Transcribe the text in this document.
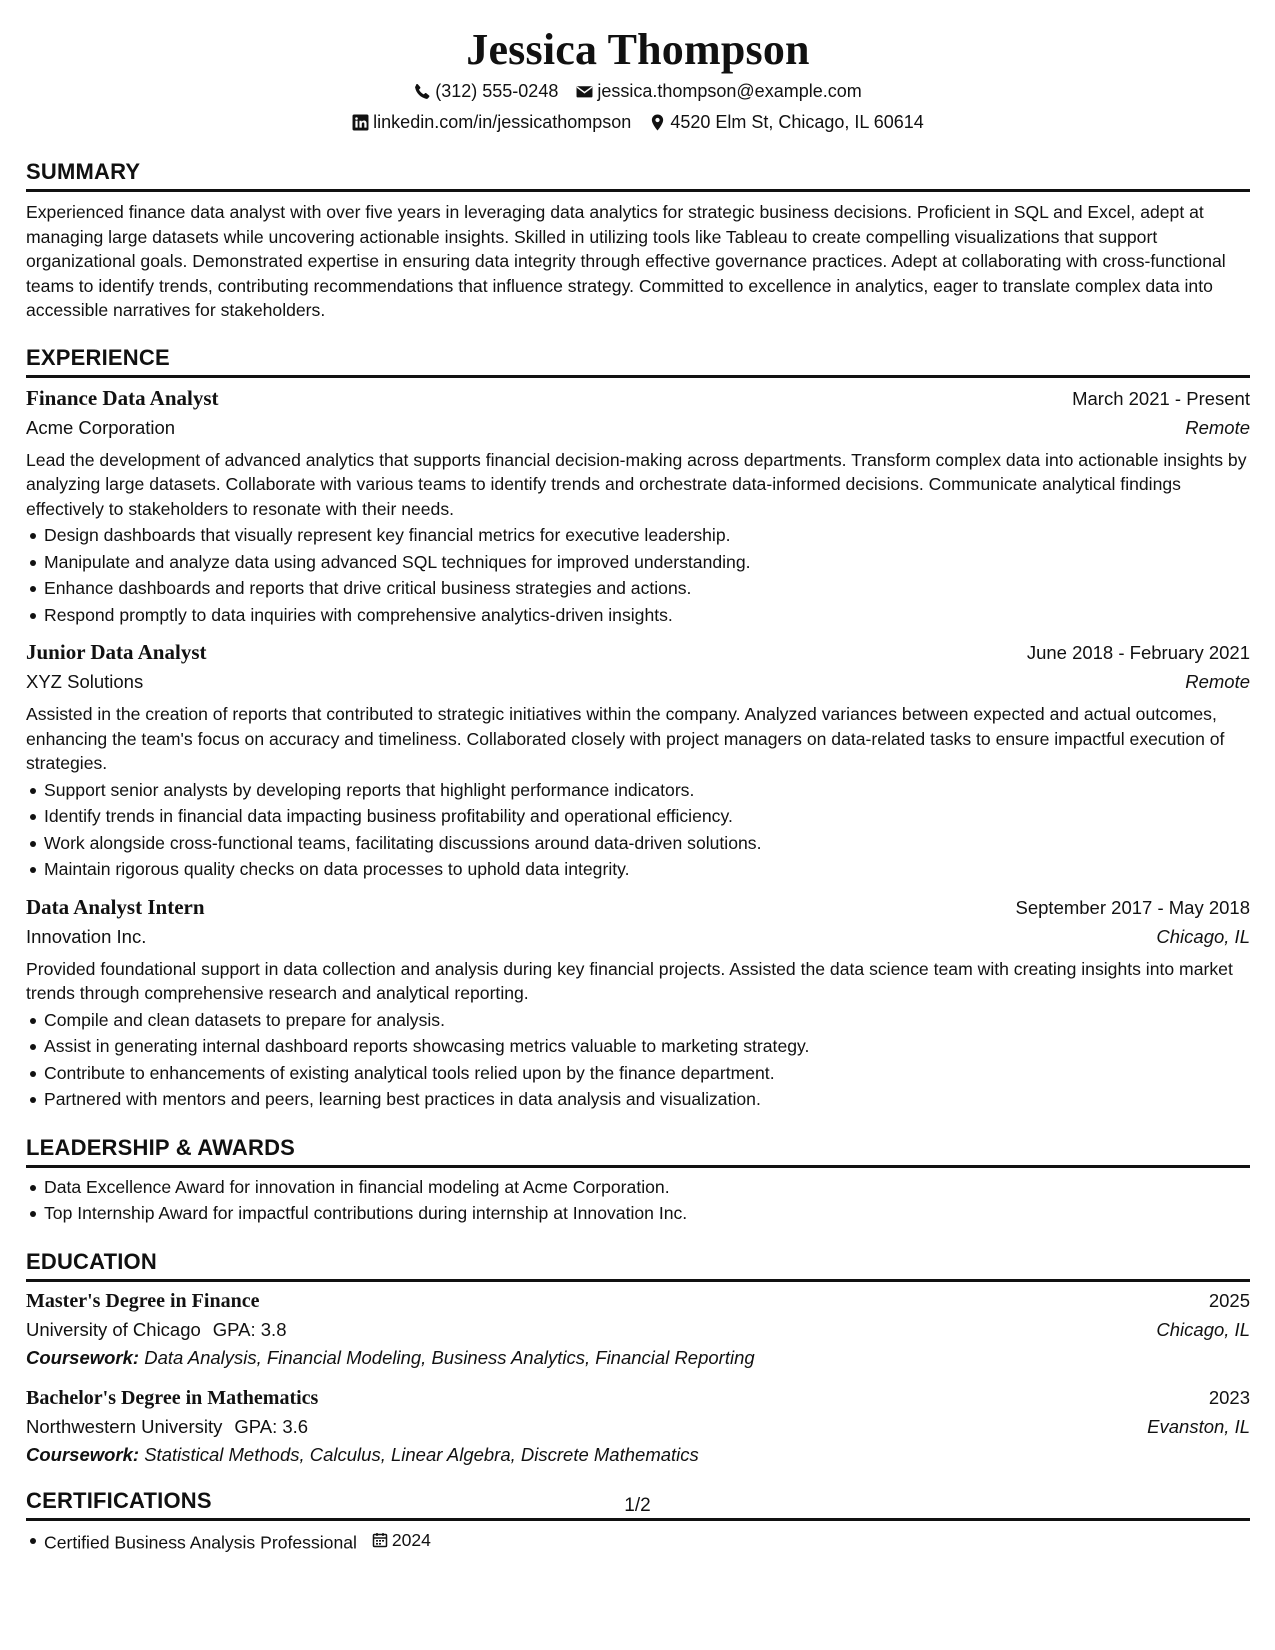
Jessica Thompson
(312) 555-0248 jessica.thompson@example.com
linkedin.com/in/jessicathompson 4520 Elm St, Chicago, IL 60614
SUMMARY

Experienced finance data analyst with over five years in leveraging data analytics for strategic business decisions. Proficient in SQL and Excel, adept at managing large datasets while uncovering actionable insights. Skilled in utilizing tools like Tableau to create compelling visualizations that support organizational goals. Demonstrated expertise in ensuring data integrity through effective governance practices. Adept at collaborating with cross-functional teams to identify trends, contributing recommendations that influence strategy. Committed to excellence in analytics, eager to translate complex data into accessible narratives for stakeholders.

EXPERIENCE
Finance Data Analyst	March 2021 - Present
Acme Corporation	Remote

Lead the development of advanced analytics that supports financial decision-making across departments. Transform complex data into actionable insights by analyzing large datasets. Collaborate with various teams to identify trends and orchestrate data-informed decisions. Communicate analytical findings effectively to stakeholders to resonate with their needs.

Design dashboards that visually represent key financial metrics for executive leadership.
Manipulate and analyze data using advanced SQL techniques for improved understanding.
Enhance dashboards and reports that drive critical business strategies and actions.
Respond promptly to data inquiries with comprehensive analytics-driven insights.
Junior Data Analyst	June 2018 - February 2021
XYZ Solutions	Remote

Assisted in the creation of reports that contributed to strategic initiatives within the company. Analyzed variances between expected and actual outcomes, enhancing the team's focus on accuracy and timeliness. Collaborated closely with project managers on data-related tasks to ensure impactful execution of strategies.

Support senior analysts by developing reports that highlight performance indicators.
Identify trends in financial data impacting business profitability and operational efficiency.
Work alongside cross-functional teams, facilitating discussions around data-driven solutions.
Maintain rigorous quality checks on data processes to uphold data integrity.
Data Analyst Intern	September 2017 - May 2018
Innovation Inc.	Chicago, IL

Provided foundational support in data collection and analysis during key financial projects. Assisted the data science team with creating insights into market trends through comprehensive research and analytical reporting.

Compile and clean datasets to prepare for analysis.
Assist in generating internal dashboard reports showcasing metrics valuable to marketing strategy.
Contribute to enhancements of existing analytical tools relied upon by the finance department.
Partnered with mentors and peers, learning best practices in data analysis and visualization.
LEADERSHIP & AWARDS
Data Excellence Award for innovation in financial modeling at Acme Corporation.
Top Internship Award for impactful contributions during internship at Innovation Inc.
EDUCATION
Master's Degree in Finance	2025
University of Chicago GPA: 3.8	Chicago, IL
Coursework: Data Analysis, Financial Modeling, Business Analytics, Financial Reporting
Bachelor's Degree in Mathematics	2023
Northwestern University GPA: 3.6	Evanston, IL
Coursework: Statistical Methods, Calculus, Linear Algebra, Discrete Mathematics
CERTIFICATIONS
Certified Business Analysis Professional 2024
1/2
